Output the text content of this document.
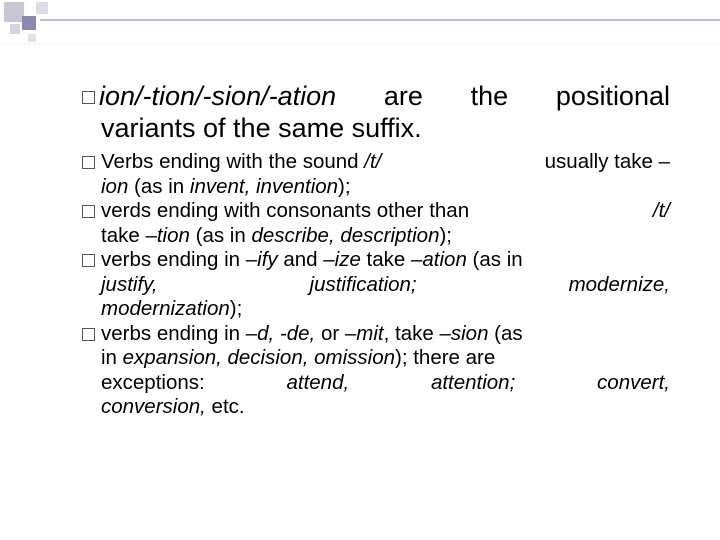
ion/-tion/-sion/-ation are the positional
variants of the same suffix.
Verbs ending with the sound /t/	usually take –
ion (as in invent, invention);
verds ending with consonants other than	/t/
take –tion (as in describe, description);
verbs ending in –ify and –ize take –ation (as in
justify,	justification;	modernize,
modernization);
verbs ending in –d, -de, or –mit, take –sion (as
in expansion, decision, omission); there are
exceptions:	attend,	attention;	convert,
conversion, etc.
